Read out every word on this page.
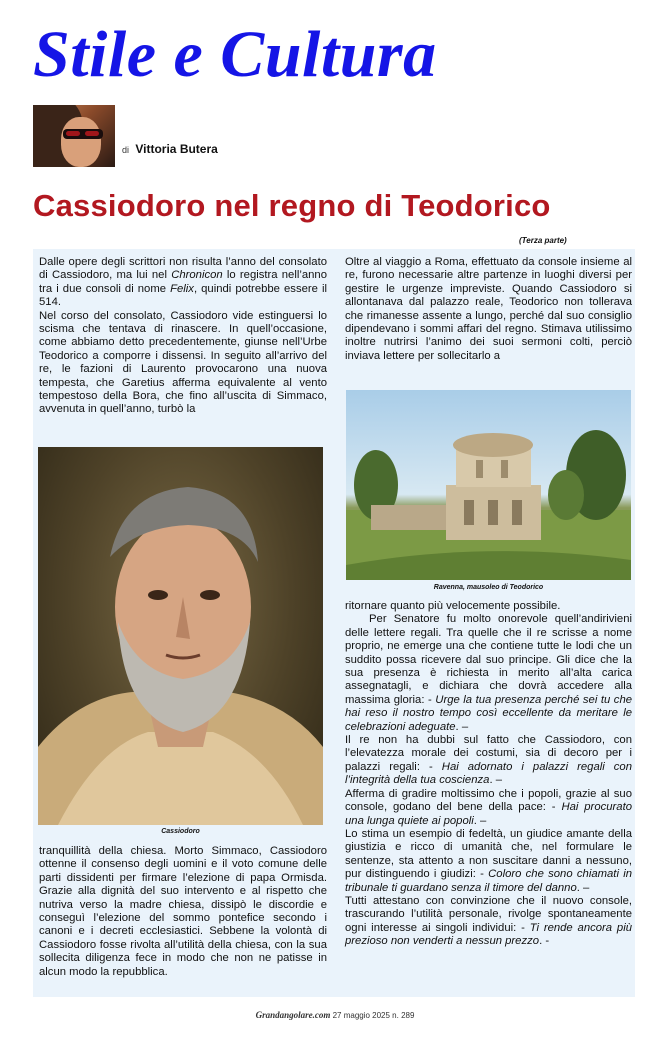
Stile e Cultura
di Vittoria Butera
Cassiodoro nel regno di Teodorico
(Terza parte)

Dalle opere degli scrittori non risulta l’anno del consolato di Cassiodoro, ma lui nel Chronicon lo registra nell’anno tra i due consoli di nome Felix, quindi potrebbe essere il 514.

Nel corso del consolato, Cassiodoro vide estinguersi lo scisma che tentava di rinascere. In quell’occasione, come abbiamo detto precedentemente, giunse nell’Urbe Teodorico a comporre i dissensi. In seguito all’arrivo del re, le fazioni di Laurento provocarono una nuova tempesta, che Garetius afferma equivalente al vento tempestoso della Bora, che fino all’uscita di Simmaco, avvenuta in quell’anno, turbò la

Cassiodoro

tranquillità della chiesa. Morto Simmaco, Cassiodoro ottenne il consenso degli uomini e il voto comune delle parti dissidenti per firmare l’elezione di papa Ormisda. Grazie alla dignità del suo intervento e al rispetto che nutriva verso la madre chiesa, dissipò le discordie e conseguì l’elezione del sommo pontefice secondo i canoni e i decreti ecclesiastici. Sebbene la volontà di Cassiodoro fosse rivolta all’utilità della chiesa, con la sua sollecita diligenza fece in modo che non ne patisse in alcun modo la repubblica.

Oltre al viaggio a Roma, effettuato da console insieme al re, furono necessarie altre partenze in luoghi diversi per gestire le urgenze impreviste. Quando Cassiodoro si allontanava dal palazzo reale, Teodorico non tollerava che rimanesse assente a lungo, perché dal suo consiglio dipendevano i sommi affari del regno. Stimava utilissimo inoltre nutrirsi l’animo dei suoi sermoni colti, perciò inviava lettere per sollecitarlo a

Ravenna, mausoleo di Teodorico

ritornare quanto più velocemente possibile.

Per Senatore fu molto onorevole quell’andirivieni delle lettere regali. Tra quelle che il re scrisse a nome proprio, ne emerge una che contiene tutte le lodi che un suddito possa ricevere dal suo principe. Gli dice che la sua presenza è richiesta in merito all’alta carica assegnatagli, e dichiara che dovrà accedere alla massima gloria: - Urge la tua presenza perché sei tu che hai reso il nostro tempo così eccellente da meritare le celebrazioni adeguate. –

Il re non ha dubbi sul fatto che Cassiodoro, con l’elevatezza morale dei costumi, sia di decoro per i palazzi regali: - Hai adornato i palazzi regali con l’integrità della tua coscienza. –

Afferma di gradire moltissimo che i popoli, grazie al suo console, godano del bene della pace: - Hai procurato una lunga quiete ai popoli. –

Lo stima un esempio di fedeltà, un giudice amante della giustizia e ricco di umanità che, nel formulare le sentenze, sta attento a non suscitare danni a nessuno, pur distinguendo i giudizi: - Coloro che sono chiamati in tribunale ti guardano senza il timore del danno. –

Tutti attestano con convinzione che il nuovo console, trascurando l’utilità personale, rivolge spontaneamente ogni interesse ai singoli individui: - Ti rende ancora più prezioso non venderti a nessun prezzo. -

Grandangolare.com 27 maggio 2025 n. 289
